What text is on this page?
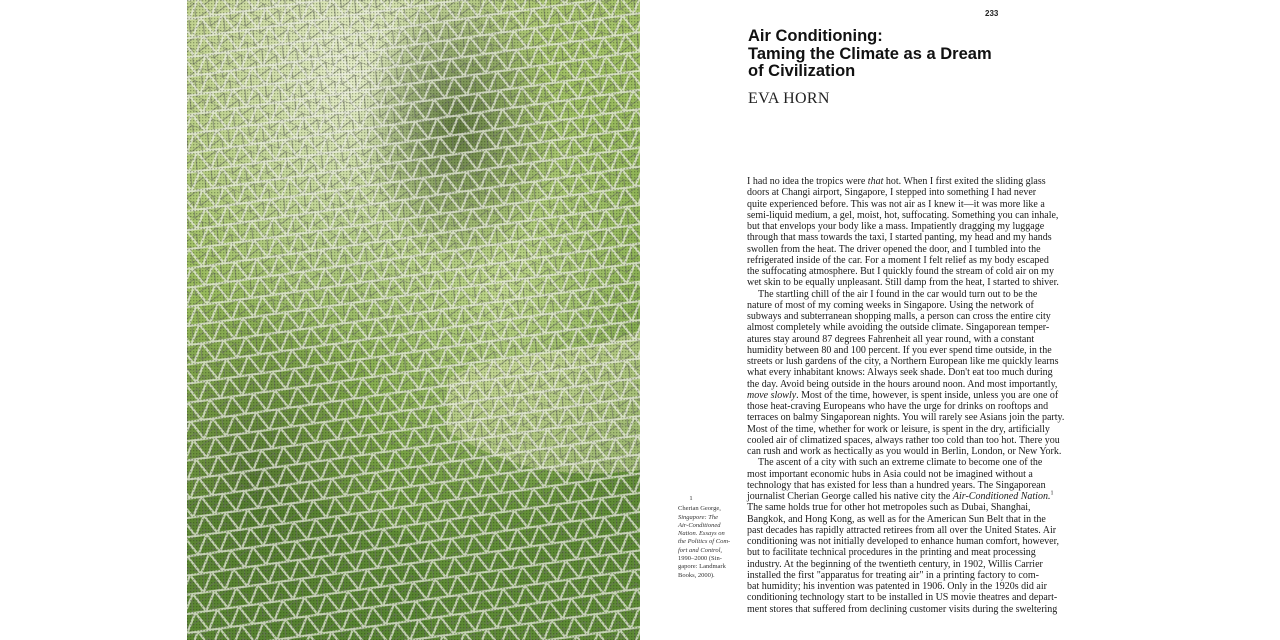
233
Air Conditioning:
Taming the Climate as a Dream
of Civilization
EVA HORN
1
Cherian George,
Singapore: The
Air-Conditioned
Nation. Essays on
the Politics of Com-
fort and Control,
1990–2000 (Sin-
gapore: Landmark
Books, 2000).
I had no idea the tropics were that hot. When I first exited the sliding glass
doors at Changi airport, Singapore, I stepped into something I had never
quite experienced before. This was not air as I knew it—it was more like a
semi-liquid medium, a gel, moist, hot, suffocating. Something you can inhale,
but that envelops your body like a mass. Impatiently dragging my luggage
through that mass towards the taxi, I started panting, my head and my hands
swollen from the heat. The driver opened the door, and I tumbled into the
refrigerated inside of the car. For a moment I felt relief as my body escaped
the suffocating atmosphere. But I quickly found the stream of cold air on my
wet skin to be equally unpleasant. Still damp from the heat, I started to shiver.
The startling chill of the air I found in the car would turn out to be the
nature of most of my coming weeks in Singapore. Using the network of
subways and subterranean shopping malls, a person can cross the entire city
almost completely while avoiding the outside climate. Singaporean temper-
atures stay around 87 degrees Fahrenheit all year round, with a constant
humidity between 80 and 100 percent. If you ever spend time outside, in the
streets or lush gardens of the city, a Northern European like me quickly learns
what every inhabitant knows: Always seek shade. Don't eat too much during
the day. Avoid being outside in the hours around noon. And most importantly,
move slowly. Most of the time, however, is spent inside, unless you are one of
those heat-craving Europeans who have the urge for drinks on rooftops and
terraces on balmy Singaporean nights. You will rarely see Asians join the party.
Most of the time, whether for work or leisure, is spent in the dry, artificially
cooled air of climatized spaces, always rather too cold than too hot. There you
can rush and work as hectically as you would in Berlin, London, or New York.
The ascent of a city with such an extreme climate to become one of the
most important economic hubs in Asia could not be imagined without a
technology that has existed for less than a hundred years. The Singaporean
journalist Cherian George called his native city the Air-Conditioned Nation.$^1$
The same holds true for other hot metropoles such as Dubai, Shanghai,
Bangkok, and Hong Kong, as well as for the American Sun Belt that in the
past decades has rapidly attracted retirees from all over the United States. Air
conditioning was not initially developed to enhance human comfort, however,
but to facilitate technical procedures in the printing and meat processing
industry. At the beginning of the twentieth century, in 1902, Willis Carrier
installed the first "apparatus for treating air" in a printing factory to com-
bat humidity; his invention was patented in 1906. Only in the 1920s did air
conditioning technology start to be installed in US movie theatres and depart-
ment stores that suffered from declining customer visits during the sweltering
